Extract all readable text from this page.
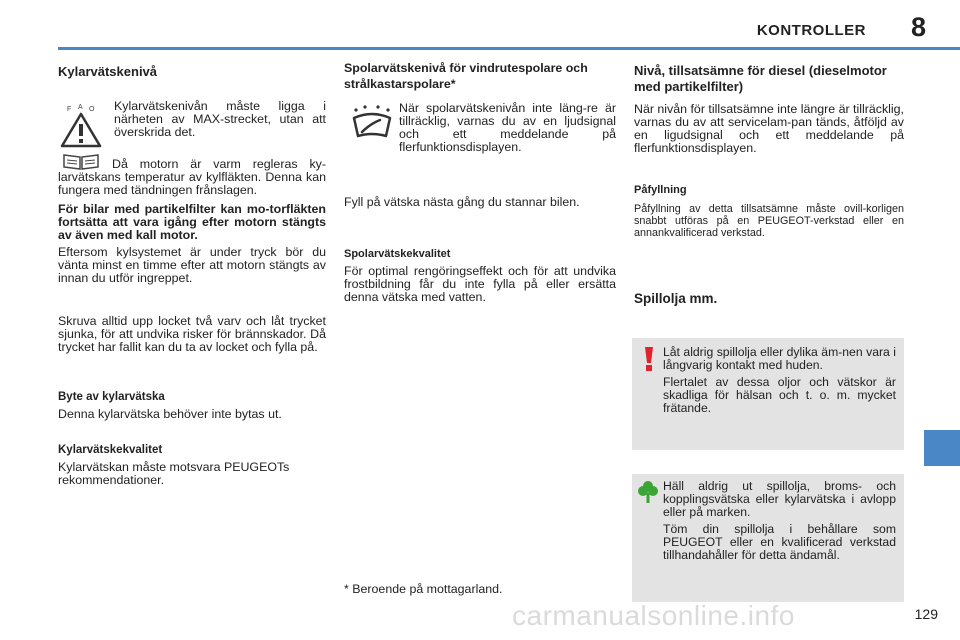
KONTROLLER 8
Kylarvätskenivå
F A O Kylarvätskenivån måste ligga i närheten av MAX-strecket, utan att överskrida det.

Då motorn är varm regleras ky-larvätskans temperatur av kylfläkten. Denna kan fungera med tändningen frånslagen.

För bilar med partikelfilter kan mo-torfläkten fortsätta att vara igång efter motorn stängts av även med kall motor.

Eftersom kylsystemet är under tryck bör du vänta minst en timme efter att motorn stängts av innan du utför ingreppet.

Skruva alltid upp locket två varv och låt trycket sjunka, för att undvika risker för brännskador. Då trycket har fallit kan du ta av locket och fylla på.

Byte av kylarvätska

Denna kylarvätska behöver inte bytas ut.

Kylarvätskekvalitet

Kylarvätskan måste motsvara PEUGEOTs rekommendationer.

Spolarvätskenivå för vindrutespolare och strålkastarspolare*

När spolarvätskenivån inte läng-re är tillräcklig, varnas du av en ljudsignal och ett meddelande på flerfunktionsdisplayen.

Fyll på vätska nästa gång du stannar bilen.

Spolarvätskekvalitet

För optimal rengöringseffekt och för att undvika frostbildning får du inte fylla på eller ersätta denna vätska med vatten.

* Beroende på mottagarland.
Nivå, tillsatsämne för diesel (dieselmotor med partikelfilter)

När nivån för tillsatsämne inte längre är tillräcklig, varnas du av att servicelam-pan tänds, åtföljd av en ligudsignal och ett meddelande på flerfunktionsdisplayen.

Påfyllning

Påfyllning av detta tillsatsämne måste ovill-korligen snabbt utföras på en PEUGEOT-verkstad eller en annankvalificerad verkstad.

Spillolja mm.

Låt aldrig spillolja eller dylika äm-nen vara i långvarig kontakt med huden.

Flertalet av dessa oljor och vätskor är skadliga för hälsan och t. o. m. mycket frätande.

Häll aldrig ut spillolja, broms- och kopplingsvätska eller kylarvätska i avlopp eller på marken.

Töm din spillolja i behållare som PEUGEOT eller en kvalificerad verkstad tillhandahåller för detta ändamål.

129
carmanualsonline.info
